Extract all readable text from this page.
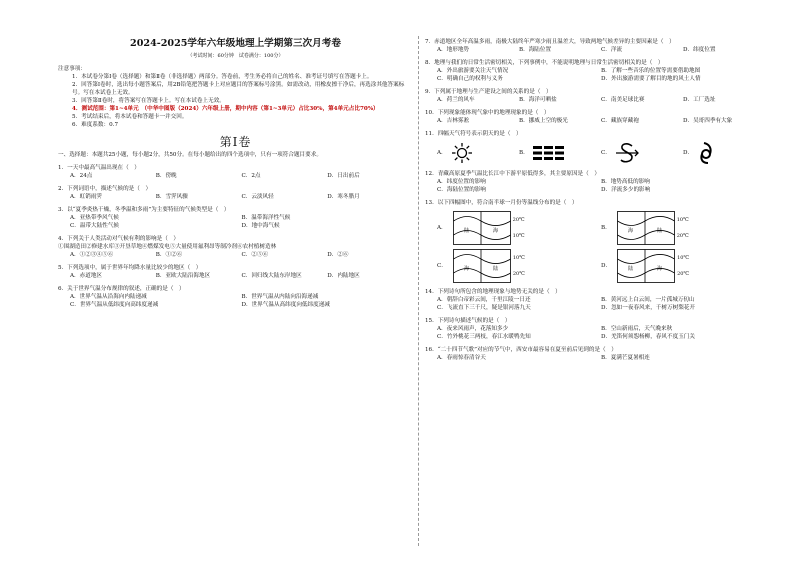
2024-2025学年六年级地理上学期第三次月考卷
（考试时间：60分钟　试卷满分：100分）

注意事项：

1．本试卷分第Ⅰ卷（选择题）和第Ⅱ卷（非选择题）两部分。答卷前，考生务必将自己的姓名、准考证号填写在答题卡上。

2．回答第Ⅰ卷时，选出每小题答案后，用2B铅笔把答题卡上对应题目的答案标号涂黑。如需改动，用橡皮擦干净后，再选涂其他答案标号。写在本试卷上无效。

3．回答第Ⅱ卷时，将答案写在答题卡上。写在本试卷上无效。

4．测试范围：第1~4单元　（中华中图版（2024）六年级上册，期中内容（第1~3单元）占比30%，第4单元占比70%）

5．考试结束后，将本试卷和答题卡一并交回。

6．难度系数：0.7

第Ⅰ卷

一、选择题：本题共25小题，每小题2分，共50分。在每小题给出的四个选项中，只有一项符合题目要求。

1．一天中最高气温出现在（　）
A．24点	B．傍晚	C．2点	D．日出前后
2．下列词语中，描述气候的是（　）
A．虹销雨霁	B．雪霁风骤	C．云淡风轻	D．寒冬腊月
3．以“夏季炎热干燥，冬季温和多雨”为主要特征的气候类型是（　）
A．亚热带季风气候	B．温带海洋性气候
C．温带大陆性气候	D．地中海气候
4．下列关于人类活动对气候有利的影响是（　）
①围湖造田②修建水库③开垦草地④燃煤发电⑤大量使用氟利昂等制冷剂⑥农村植树造林
A．①②③④⑤⑥	B．①②⑥	C．②⑤⑥	D．②⑥
5．下列选项中，属于世界年均降水量比较少的地区（　）
A．赤道地区	B．亚欧大陆沿海地区	C．回归线大陆东岸地区	D．内陆地区
6．关于世界气温分布规律的叙述，正确的是（　）
A．世界气温从沿海向内陆递减	B．世界气温从内陆向沿海递减
C．世界气温从低纬度向高纬度递减	D．世界气温从高纬度向低纬度递减
7．赤道地区全年高温多雨，南极大陆终年严寒少雨且温差大，导致两地气候差异的主要因素是（　）
A．地形地势	B．海陆位置	C．洋流	D．纬度位置
8．地理与我们的日常生活密切相关，下列事例中，不能说明地理与日常生活密切相关的是（　）
A．外出旅游要关注天气情况	B．了解一些音乐的位置等需要借助地图
C．明确自己的权利与义务	D．外出旅游需要了解目的地的风土人情
9．下列属于地理与生产建设之间的关系的是（　）
A．荷兰的风车	B．海洋可晒盐	C．南美足球比赛	D．工厂选址
10．下列现象能体现气象中的地理现象的是（　）
A．吉林雾凇	B．挪威上空的极光	C．藏族穿藏袍	D．吴哥四季有大象
11．四幅天气符号表示阴天的是（　）
A．	B．	C．	D．
12．青藏高原夏季气温比长江中下游平原低得多，其主要原因是（　）
A．纬度位置的影响	B．地势高低的影响
C．海陆位置的影响	D．洋流多少的影响
13．以下四幅图中，符合南半球一月份等温线分布的是（　）
A．	陆	海
20℃
10℃
B．	海	陆
10℃
20℃
C．	海	陆
10℃
20℃
D．	陆	海
10℃
20℃
14．下列诗句所包含的地理现象与地势无关的是（　）
A．朝辞白帝彩云间，千里江陵一日还	B．黄河远上白云间，一片孤城万仞山
C．飞流直下三千尺，疑是银河落九天	D．忽如一夜春风来，千树万树梨花开
15．下列诗句描述气候的是（　）
A．夜来风雨声，花落知多少	B．空山新雨后，天气晚来秋
C．竹外桃花三两枝，春江水暖鸭先知	D．羌笛何须怨杨柳，春风不度玉门关
16．“二十四节气歌”对应的节气中，西安市最容易在夏至前后见到的是（　）
A．春雨惊春清谷天	B．夏满芒夏暑相连
